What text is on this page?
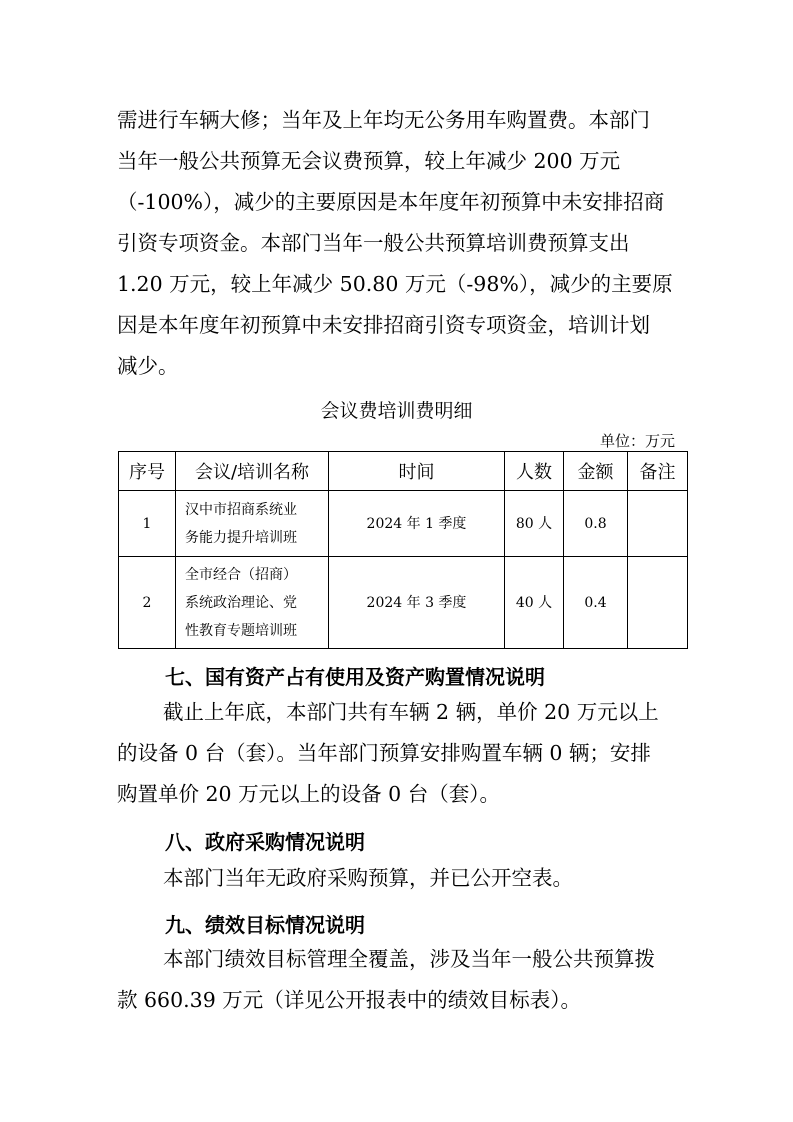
需进行车辆大修；当年及上年均无公务用车购置费。本部门
当年一般公共预算无会议费预算，较上年减少 200 万元
（-100%），减少的主要原因是本年度年初预算中未安排招商
引资专项资金。本部门当年一般公共预算培训费预算支出
1.20 万元，较上年减少 50.80 万元（-98%），减少的主要原
因是本年度年初预算中未安排招商引资专项资金，培训计划
减少。
会议费培训费明细
单位：万元
序号	会议/培训名称	时间	人数	金额	备注
1	汉中市招商系统业
务能力提升培训班	2024 年 1 季度	80 人	0.8	
2	全市经合（招商）
系统政治理论、党
性教育专题培训班	2024 年 3 季度	40 人	0.4	
七、国有资产占有使用及资产购置情况说明
截止上年底，本部门共有车辆 2 辆，单价 20 万元以上
的设备 0 台（套）。当年部门预算安排购置车辆 0 辆；安排
购置单价 20 万元以上的设备 0 台（套）。
八、政府采购情况说明
本部门当年无政府采购预算，并已公开空表。
九、绩效目标情况说明
本部门绩效目标管理全覆盖，涉及当年一般公共预算拨
款 660.39 万元（详见公开报表中的绩效目标表）。
